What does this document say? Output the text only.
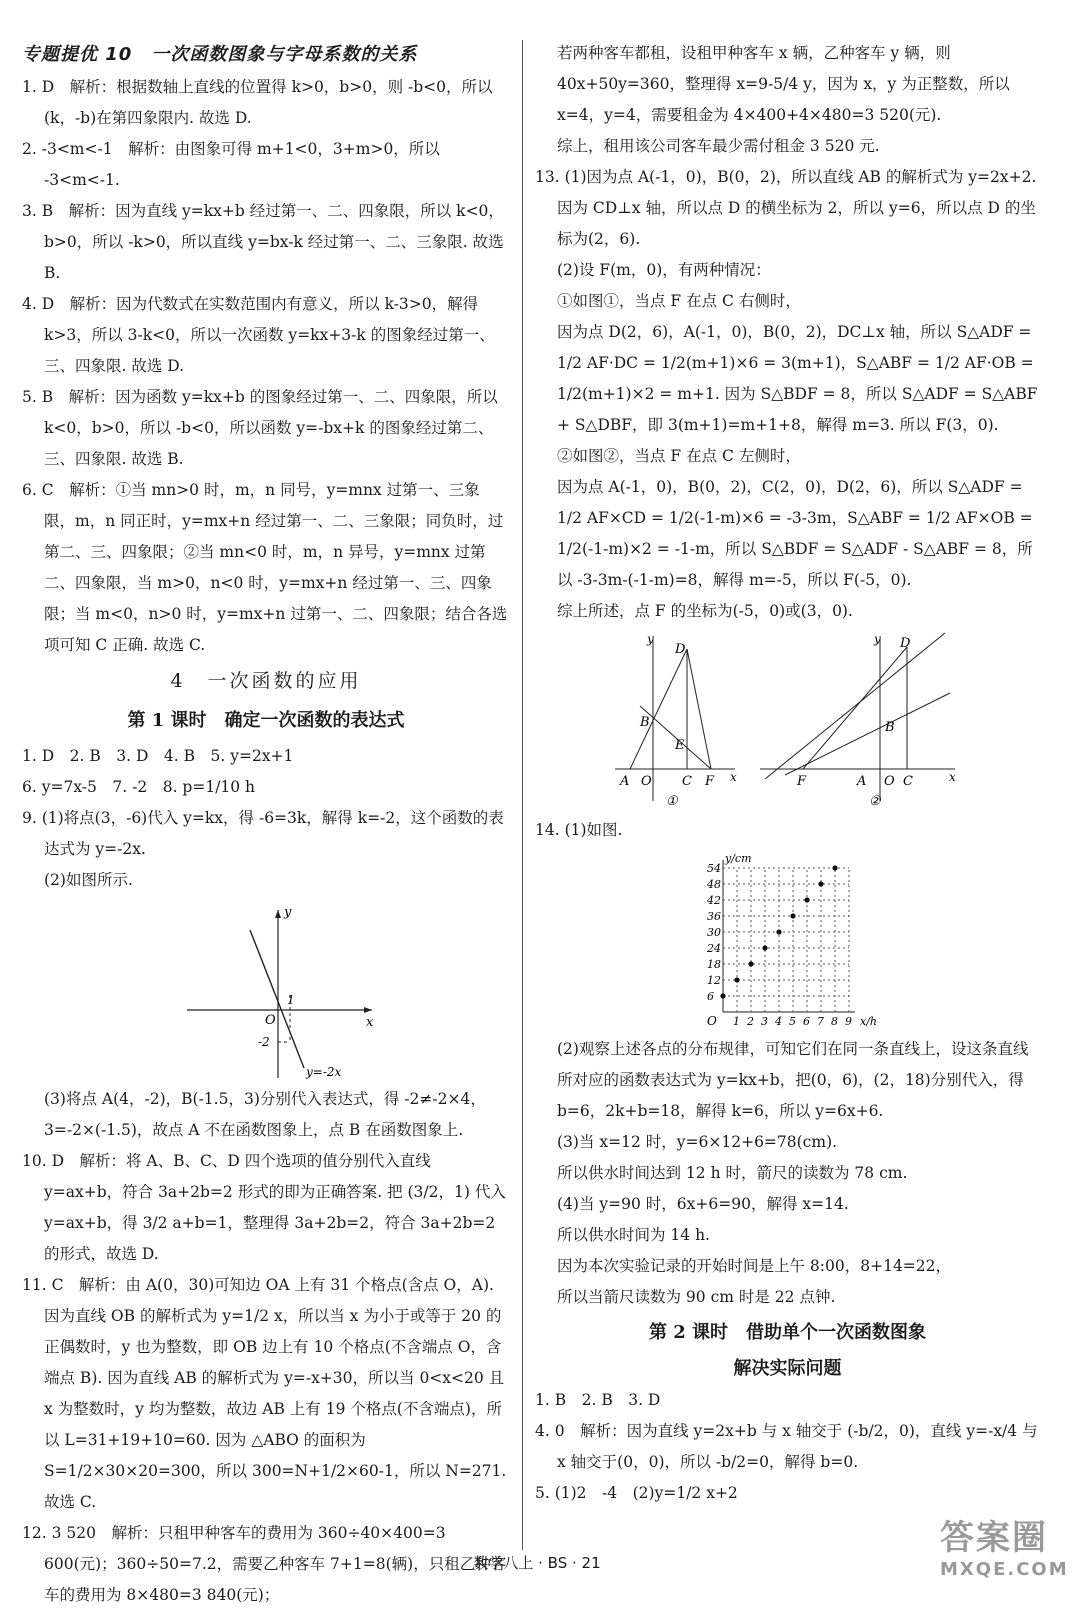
专题提优 10　一次函数图象与字母系数的关系

1. D　解析：根据数轴上直线的位置得 k>0，b>0，则 -b<0，所以(k，-b)在第四象限内. 故选 D.

2. -3<m<-1　解析：由图象可得 m+1<0，3+m>0，所以 -3<m<-1.

3. B　解析：因为直线 y=kx+b 经过第一、二、四象限，所以 k<0，b>0，所以 -k>0，所以直线 y=bx-k 经过第一、二、三象限. 故选 B.

4. D　解析：因为代数式在实数范围内有意义，所以 k-3>0，解得 k>3，所以 3-k<0，所以一次函数 y=kx+3-k 的图象经过第一、三、四象限. 故选 D.

5. B　解析：因为函数 y=kx+b 的图象经过第一、二、四象限，所以 k<0，b>0，所以 -b<0，所以函数 y=-bx+k 的图象经过第二、三、四象限. 故选 B.

6. C　解析：①当 mn>0 时，m，n 同号，y=mnx 过第一、三象限，m，n 同正时，y=mx+n 经过第一、二、三象限；同负时，过第二、三、四象限；②当 mn<0 时，m，n 异号，y=mnx 过第二、四象限，当 m>0，n<0 时，y=mx+n 经过第一、三、四象限；当 m<0，n>0 时，y=mx+n 过第一、二、四象限；结合各选项可知 C 正确. 故选 C.

4　一次函数的应用

第 1 课时　确定一次函数的表达式

1. D　2. B　3. D　4. B　5. y=2x+1

6. y=7x-5　7. -2　8. p=1/10 h

9. (1)将点(3，-6)代入 y=kx，得 -6=3k，解得 k=-2，这个函数的表达式为 y=-2x.

(2)如图所示.

y
x
O
1
-2
y=-2x

(3)将点 A(4，-2)，B(-1.5，3)分别代入表达式，得 -2≠-2×4，3=-2×(-1.5)，故点 A 不在函数图象上，点 B 在函数图象上.

10. D　解析：将 A、B、C、D 四个选项的值分别代入直线 y=ax+b，符合 3a+2b=2 形式的即为正确答案. 把 (3/2，1) 代入 y=ax+b，得 3/2 a+b=1，整理得 3a+2b=2，符合 3a+2b=2 的形式，故选 D.

11. C　解析：由 A(0，30)可知边 OA 上有 31 个格点(含点 O，A). 因为直线 OB 的解析式为 y=1/2 x，所以当 x 为小于或等于 20 的正偶数时，y 也为整数，即 OB 边上有 10 个格点(不含端点 O，含端点 B). 因为直线 AB 的解析式为 y=-x+30，所以当 0<x<20 且 x 为整数时，y 均为整数，故边 AB 上有 19 个格点(不含端点)，所以 L=31+19+10=60. 因为 △ABO 的面积为 S=1/2×30×20=300，所以 300=N+1/2×60-1，所以 N=271. 故选 C.

12. 3 520　解析：只租甲种客车的费用为 360÷40×400=3 600(元)；360÷50=7.2，需要乙种客车 7+1=8(辆)，只租乙种客车的费用为 8×480=3 840(元)；

若两种客车都租，设租甲种客车 x 辆，乙种客车 y 辆，则 40x+50y=360，整理得 x=9-5/4 y，因为 x，y 为正整数，所以 x=4，y=4，需要租金为 4×400+4×480=3 520(元).

综上，租用该公司客车最少需付租金 3 520 元.

13. (1)因为点 A(-1，0)，B(0，2)，所以直线 AB 的解析式为 y=2x+2. 因为 CD⊥x 轴，所以点 D 的横坐标为 2，所以 y=6，所以点 D 的坐标为(2，6).

(2)设 F(m，0)，有两种情况：

①如图①，当点 F 在点 C 右侧时，

因为点 D(2，6)，A(-1，0)，B(0，2)，DC⊥x 轴，所以 S△ADF = 1/2 AF·DC = 1/2(m+1)×6 = 3(m+1)，S△ABF = 1/2 AF·OB = 1/2(m+1)×2 = m+1. 因为 S△BDF = 8，所以 S△ADF = S△ABF + S△DBF，即 3(m+1)=m+1+8，解得 m=3. 所以 F(3，0).

②如图②，当点 F 在点 C 左侧时，

因为点 A(-1，0)，B(0，2)，C(2，0)，D(2，6)，所以 S△ADF = 1/2 AF×CD = 1/2(-1-m)×6 = -3-3m，S△ABF = 1/2 AF×OB = 1/2(-1-m)×2 = -1-m，所以 S△BDF = S△ADF - S△ABF = 8，所以 -3-3m-(-1-m)=8，解得 m=-5，所以 F(-5，0).

综上所述，点 F 的坐标为(-5，0)或(3，0).

y
x
D
B
E
A O C F
①
y
x
D
B
F	A O C
②

14. (1)如图.

1 2 3 4 5 6 7 8 9
54
48
42
36
30
24
18
12
6
y/cm
x/h
O

(2)观察上述各点的分布规律，可知它们在同一条直线上，设这条直线所对应的函数表达式为 y=kx+b，把(0，6)，(2，18)分别代入，得 b=6，2k+b=18，解得 k=6，所以 y=6x+6.

(3)当 x=12 时，y=6×12+6=78(cm).

所以供水时间达到 12 h 时，箭尺的读数为 78 cm.

(4)当 y=90 时，6x+6=90，解得 x=14.

所以供水时间为 14 h.

因为本次实验记录的开始时间是上午 8:00，8+14=22，

所以当箭尺读数为 90 cm 时是 22 点钟.

第 2 课时　借助单个一次函数图象

解决实际问题

1. B　2. B　3. D

4. 0　解析：因为直线 y=2x+b 与 x 轴交于 (-b/2，0)，直线 y=-x/4 与 x 轴交于(0，0)，所以 -b/2=0，解得 b=0.

5. (1)2　-4　(2)y=1/2 x+2

数学八上 · BS · 21
答案圈
MXQE.COM
